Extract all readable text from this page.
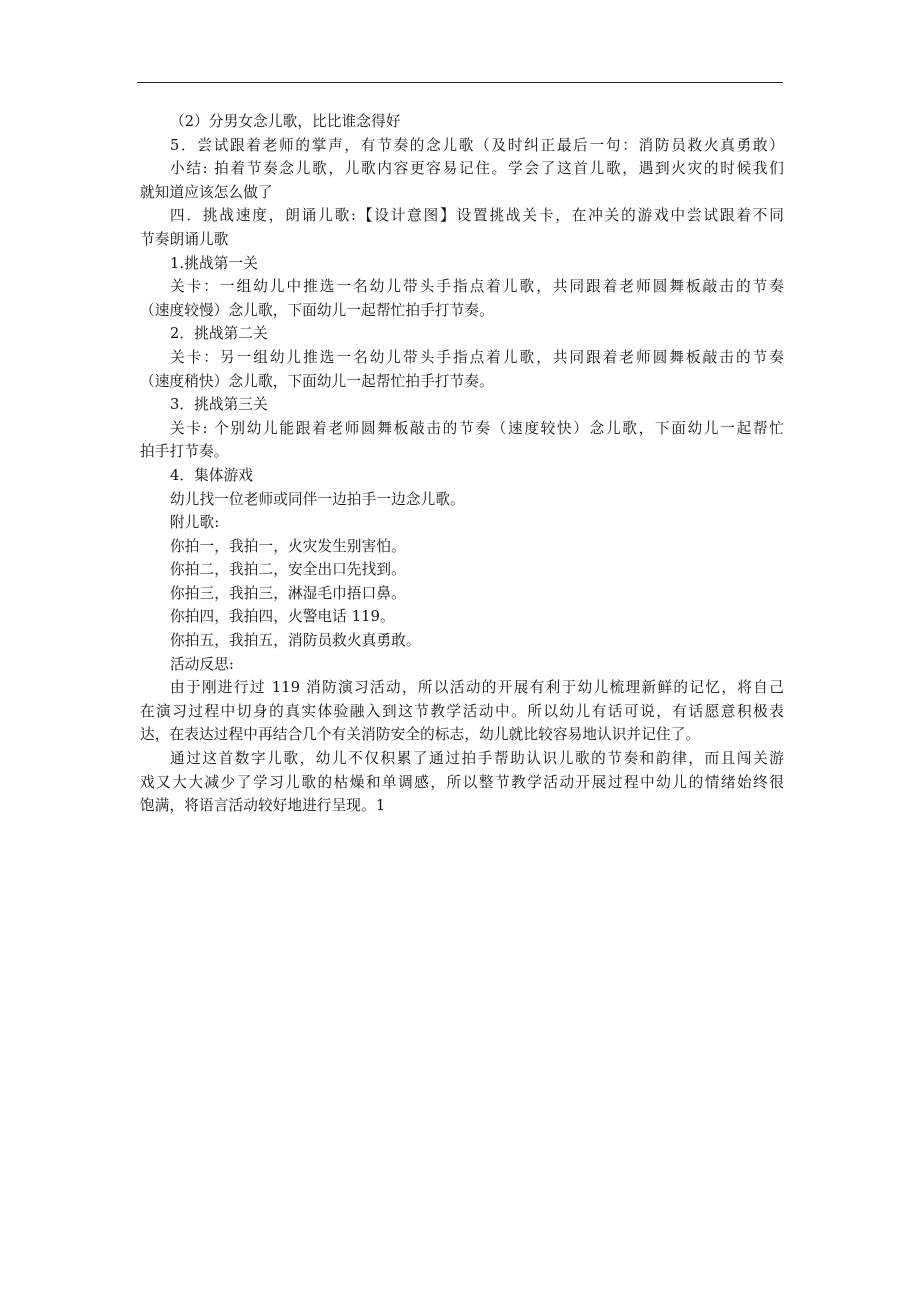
（2）分男女念儿歌，比比谁念得好
5．尝试跟着老师的掌声，有节奏的念儿歌（及时纠正最后一句：消防员救火真勇敢）
小结: 拍着节奏念儿歌，儿歌内容更容易记住。学会了这首儿歌，遇到火灾的时候我们
就知道应该怎么做了
四．挑战速度，朗诵儿歌:【设计意图】设置挑战关卡，在冲关的游戏中尝试跟着不同
节奏朗诵儿歌
1.挑战第一关
关卡：一组幼儿中推选一名幼儿带头手指点着儿歌，共同跟着老师圆舞板敲击的节奏
（速度较慢）念儿歌，下面幼儿一起帮忙拍手打节奏。
2．挑战第二关
关卡：另一组幼儿推选一名幼儿带头手指点着儿歌，共同跟着老师圆舞板敲击的节奏
（速度稍快）念儿歌，下面幼儿一起帮忙拍手打节奏。
3．挑战第三关
关卡: 个别幼儿能跟着老师圆舞板敲击的节奏（速度较快）念儿歌，下面幼儿一起帮忙
拍手打节奏。
4．集体游戏
幼儿找一位老师或同伴一边拍手一边念儿歌。
附儿歌:
你拍一，我拍一，火灾发生别害怕。
你拍二，我拍二，安全出口先找到。
你拍三，我拍三，淋湿毛巾捂口鼻。
你拍四，我拍四，火警电话 119。
你拍五，我拍五，消防员救火真勇敢。
活动反思:
由于刚进行过 119 消防演习活动，所以活动的开展有利于幼儿梳理新鲜的记忆，将自己
在演习过程中切身的真实体验融入到这节教学活动中。所以幼儿有话可说，有话愿意积极表
达，在表达过程中再结合几个有关消防安全的标志，幼儿就比较容易地认识并记住了。
通过这首数字儿歌，幼儿不仅积累了通过拍手帮助认识儿歌的节奏和韵律，而且闯关游
戏又大大减少了学习儿歌的枯燥和单调感，所以整节教学活动开展过程中幼儿的情绪始终很
饱满，将语言活动较好地进行呈现。1
